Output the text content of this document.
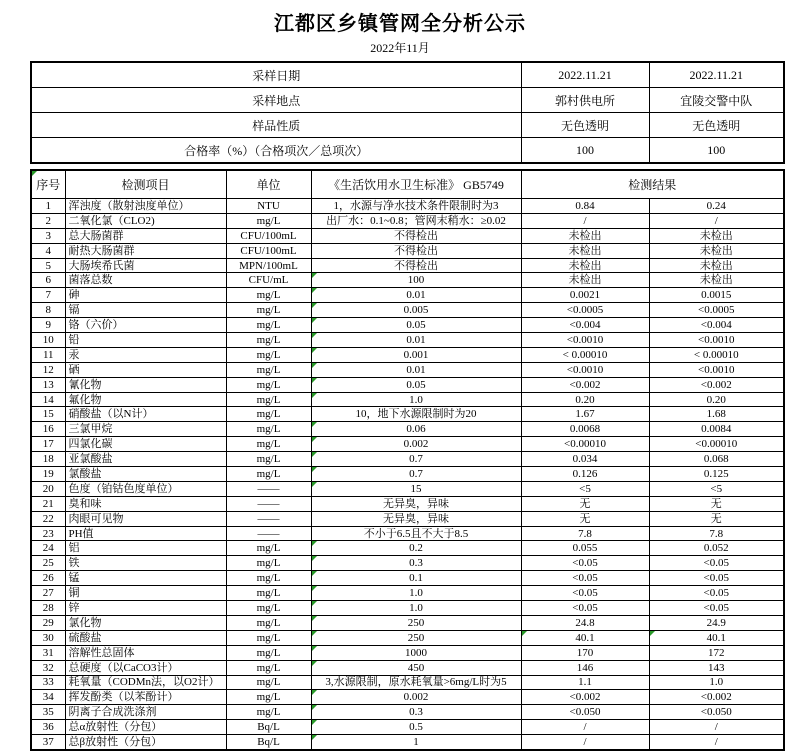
江都区乡镇管网全分析公示
2022年11月
采样日期	2022.11.21	2022.11.21
采样地点	郭村供电所	宜陵交警中队
样品性质	无色透明	无色透明
合格率（%）（合格项次／总项次）	100	100
序号	检测项目	单位	《生活饮用水卫生标准》 GB5749	检测结果	
1	浑浊度（散射浊度单位）	NTU	1，水源与净水技术条件限制时为3	0.84	0.24
2	二氧化氯（CLO2)	mg/L	出厂水：0.1~0.8；管网末稍水：≥0.02	/	/
3	总大肠菌群	CFU/100mL	不得检出	未检出	未检出
4	耐热大肠菌群	CFU/100mL	不得检出	未检出	未检出
5	大肠埃希氏菌	MPN/100mL	不得检出	未检出	未检出
6	菌落总数	CFU/mL	100	未检出	未检出
7	砷	mg/L	0.01	0.0021	0.0015
8	镉	mg/L	0.005	<0.0005	<0.0005
9	铬（六价）	mg/L	0.05	<0.004	<0.004
10	铅	mg/L	0.01	<0.0010	<0.0010
11	汞	mg/L	0.001	< 0.00010	< 0.00010
12	硒	mg/L	0.01	<0.0010	<0.0010
13	氰化物	mg/L	0.05	<0.002	<0.002
14	氟化物	mg/L	1.0	0.20	0.20
15	硝酸盐（以N计）	mg/L	10，地下水源限制时为20	1.67	1.68
16	三氯甲烷	mg/L	0.06	0.0068	0.0084
17	四氯化碳	mg/L	0.002	<0.00010	<0.00010
18	亚氯酸盐	mg/L	0.7	0.034	0.068
19	氯酸盐	mg/L	0.7	0.126	0.125
20	色度（铂钴色度单位）	——	15	<5	<5
21	臭和味	——	无异臭，异味	无	无
22	肉眼可见物	——	无异臭，异味	无	无
23	PH值	——	不小于6.5且不大于8.5	7.8	7.8
24	铝	mg/L	0.2	0.055	0.052
25	铁	mg/L	0.3	<0.05	<0.05
26	锰	mg/L	0.1	<0.05	<0.05
27	铜	mg/L	1.0	<0.05	<0.05
28	锌	mg/L	1.0	<0.05	<0.05
29	氯化物	mg/L	250	24.8	24.9
30	硫酸盐	mg/L	250	40.1	40.1
31	溶解性总固体	mg/L	1000	170	172
32	总硬度（以CaCO3计）	mg/L	450	146	143
33	耗氧量（CODMn法，以O2计）	mg/L	3,水源限制，原水耗氧量>6mg/L时为5	1.1	1.0
34	挥发酚类（以苯酚计）	mg/L	0.002	<0.002	<0.002
35	阴离子合成洗涤剂	mg/L	0.3	<0.050	<0.050
36	总α放射性（分包）	Bq/L	0.5	/	/
37	总β放射性（分包）	Bq/L	1	/	/
